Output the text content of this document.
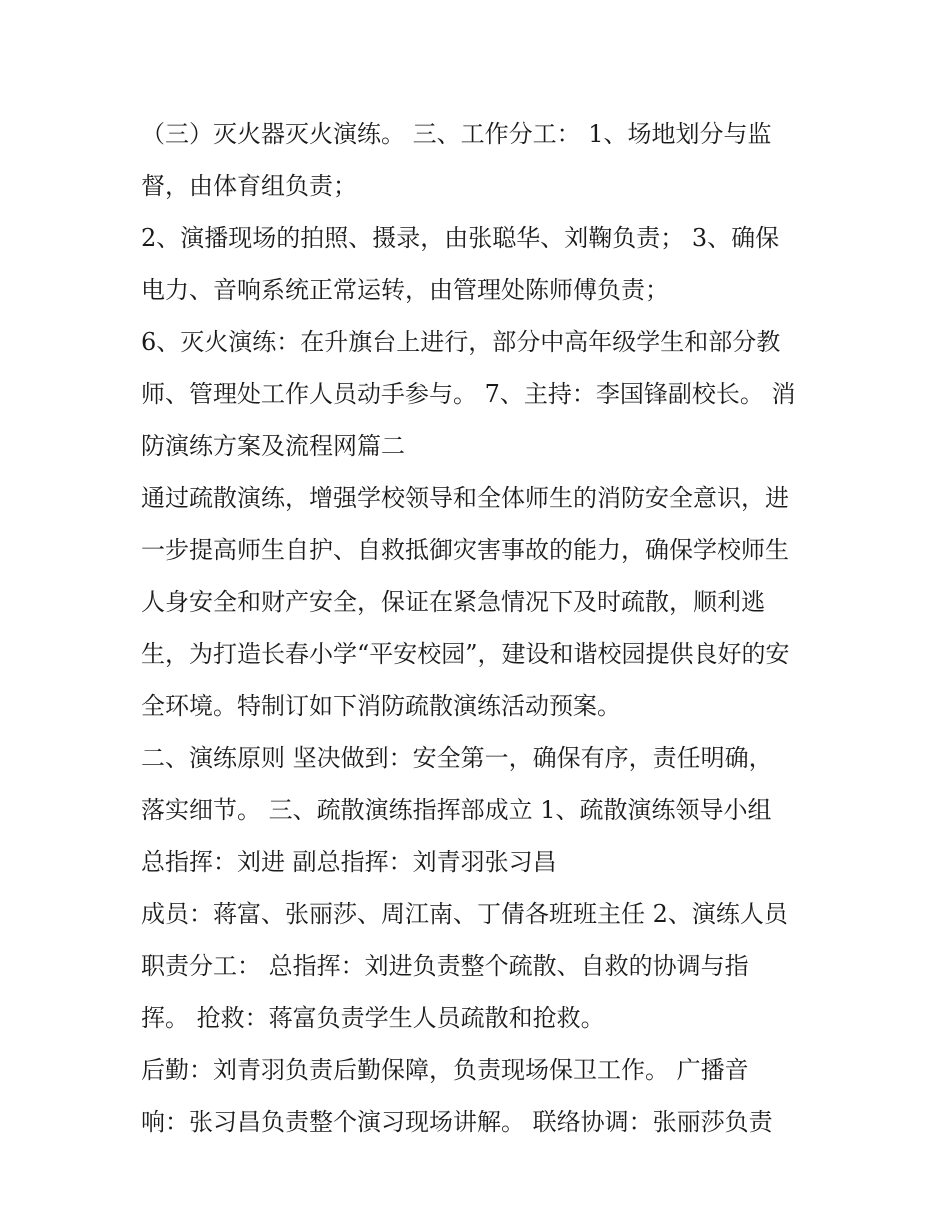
（三）灭火器灭火演练。 三、工作分工： 1、场地划分与监
督，由体育组负责；
2、演播现场的拍照、摄录，由张聪华、刘鞠负责； 3、确保
电力、音响系统正常运转，由管理处陈师傅负责；
6、灭火演练：在升旗台上进行，部分中高年级学生和部分教
师、管理处工作人员动手参与。 7、主持：李国锋副校长。 消
防演练方案及流程网篇二
通过疏散演练，增强学校领导和全体师生的消防安全意识，进
一步提高师生自护、自救抵御灾害事故的能力，确保学校师生
人身安全和财产安全，保证在紧急情况下及时疏散，顺利逃
生，为打造长春小学“平安校园”，建设和谐校园提供良好的安
全环境。特制订如下消防疏散演练活动预案。
二、演练原则 坚决做到：安全第一，确保有序，责任明确，
落实细节。 三、疏散演练指挥部成立 1、疏散演练领导小组
总指挥：刘进 副总指挥：刘青羽张习昌
成员：蒋富、张丽莎、周江南、丁倩各班班主任 2、演练人员
职责分工： 总指挥：刘进负责整个疏散、自救的协调与指
挥。 抢救：蒋富负责学生人员疏散和抢救。
后勤：刘青羽负责后勤保障，负责现场保卫工作。 广播音
响：张习昌负责整个演习现场讲解。 联络协调：张丽莎负责
